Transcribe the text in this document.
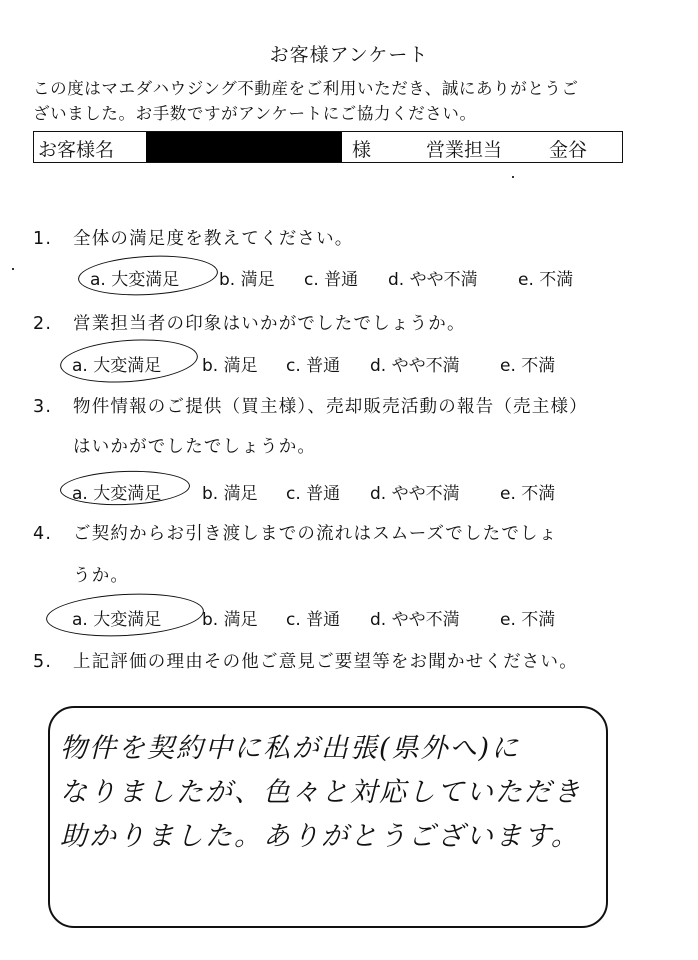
お客様アンケート
この度はマエダハウジング不動産をご利用いただき、誠にありがとうご
ざいました。お手数ですがアンケートにご協力ください。
お客様名	様	営業担当 金谷
1. 全体の満足度を教えてください。
a. 大変満足 b. 満足 c. 普通 d. やや不満 e. 不満
2. 営業担当者の印象はいかがでしたでしょうか。
a. 大変満足 b. 満足 c. 普通 d. やや不満 e. 不満
3. 物件情報のご提供（買主様）、売却販売活動の報告（売主様）
はいかがでしたでしょうか。
a. 大変満足 b. 満足 c. 普通 d. やや不満 e. 不満
4. ご契約からお引き渡しまでの流れはスムーズでしたでしょ
うか。
a. 大変満足 b. 満足 c. 普通 d. やや不満 e. 不満
5. 上記評価の理由その他ご意見ご要望等をお聞かせください。
物件を契約中に私が出張(県外へ)に
なりましたが、色々と対応していただき
助かりました。ありがとうございます。
